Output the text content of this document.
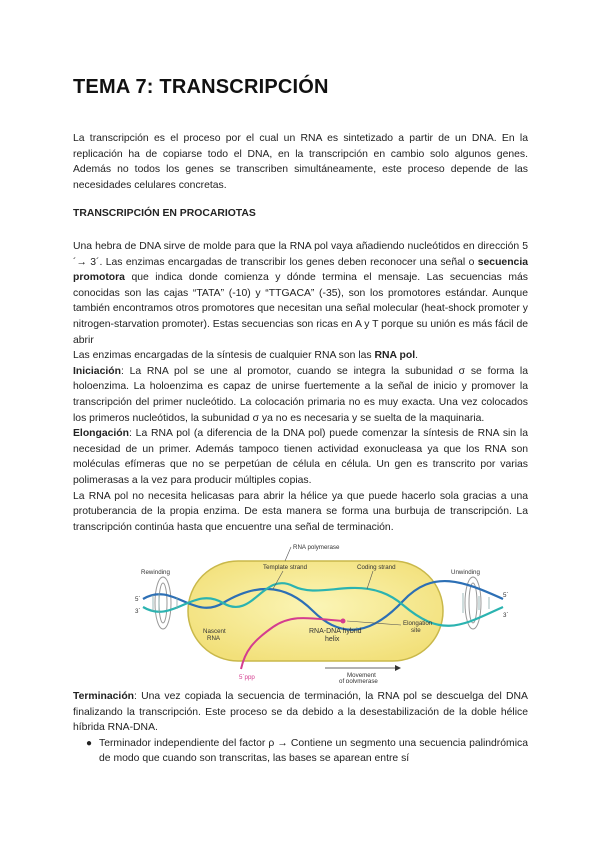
TEMA 7: TRANSCRIPCIÓN

La transcripción es el proceso por el cual un RNA es sintetizado a partir de un DNA. En la replicación ha de copiarse todo el DNA, en la transcripción en cambio solo algunos genes. Además no todos los genes se transcriben simultáneamente, este proceso depende de las necesidades celulares concretas.

TRANSCRIPCIÓN EN PROCARIOTAS

Una hebra de DNA sirve de molde para que la RNA pol vaya añadiendo nucleótidos en dirección 5´→ 3´. Las enzimas encargadas de transcribir los genes deben reconocer una señal o secuencia promotora que indica donde comienza y dónde termina el mensaje. Las secuencias más conocidas son las cajas “TATA” (-10) y “TTGACA” (-35), son los promotores estándar. Aunque también encontramos otros promotores que necesitan una señal molecular (heat-shock promoter y nitrogen-starvation promoter). Estas secuencias son ricas en A y T porque su unión es más fácil de abrir

Las enzimas encargadas de la síntesis de cualquier RNA son las RNA pol.

Iniciación: La RNA pol se une al promotor, cuando se integra la subunidad σ se forma la holoenzima. La holoenzima es capaz de unirse fuertemente a la señal de inicio y promover la transcripción del primer nucleótido. La colocación primaria no es muy exacta. Una vez colocados los primeros nucleótidos, la subunidad σ ya no es necesaria y se suelta de la maquinaria.

Elongación: La RNA pol (a diferencia de la DNA pol) puede comenzar la síntesis de RNA sin la necesidad de un primer. Además tampoco tienen actividad exonucleasa ya que los RNA son moléculas efímeras que no se perpetúan de célula en célula. Un gen es transcrito por varias polimerasas a la vez para producir múltiples copias.

La RNA pol no necesita helicasas para abrir la hélice ya que puede hacerlo sola gracias a una protuberancia de la propia enzima. De esta manera se forma una burbuja de transcripción. La transcripción continúa hasta que encuentre una señal de terminación.

RNA polymerase
Rewinding	Unwinding
Template strand	Coding strand
Nascent
RNA
RNA-DNA hybrid
helix
Elongation
site
Movement
of polymerase
5´ppp
5´
3´
5´
3´

Terminación: Una vez copiada la secuencia de terminación, la RNA pol se descuelga del DNA finalizando la transcripción. Este proceso se da debido a la desestabilización de la doble hélice híbrida RNA-DNA.

● Terminador independiente del factor ρ → Contiene un segmento una secuencia palindrómica de modo que cuando son transcritas, las bases se aparean entre sí
